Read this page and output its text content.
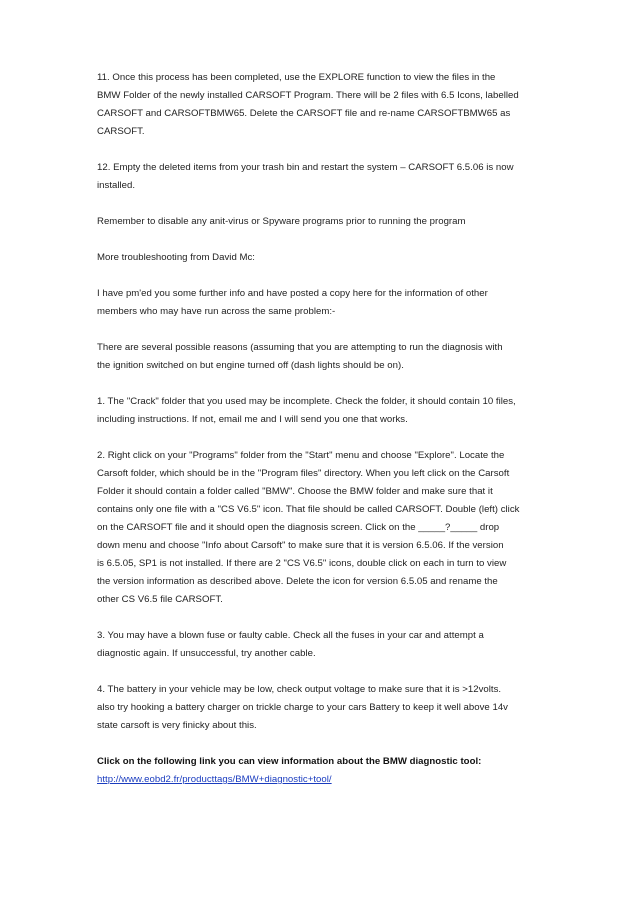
11. Once this process has been completed, use the EXPLORE function to view the files in the
BMW Folder of the newly installed CARSOFT Program. There will be 2 files with 6.5 Icons, labelled
CARSOFT and CARSOFTBMW65. Delete the CARSOFT file and re-name CARSOFTBMW65 as
CARSOFT.
12. Empty the deleted items from your trash bin and restart the system – CARSOFT 6.5.06 is now
installed.
Remember to disable any anit-virus or Spyware programs prior to running the program
More troubleshooting from David Mc:
I have pm'ed you some further info and have posted a copy here for the information of other
members who may have run across the same problem:-
There are several possible reasons (assuming that you are attempting to run the diagnosis with
the ignition switched on but engine turned off (dash lights should be on).
1. The "Crack" folder that you used may be incomplete. Check the folder, it should contain 10 files,
including instructions. If not, email me and I will send you one that works.
2. Right click on your "Programs" folder from the "Start" menu and choose "Explore". Locate the
Carsoft folder, which should be in the "Program files" directory. When you left click on the Carsoft
Folder it should contain a folder called "BMW". Choose the BMW folder and make sure that it
contains only one file with a "CS V6.5" icon. That file should be called CARSOFT. Double (left) click
on the CARSOFT file and it should open the diagnosis screen. Click on the _____?_____ drop
down menu and choose "Info about Carsoft" to make sure that it is version 6.5.06. If the version
is 6.5.05, SP1 is not installed. If there are 2 "CS V6.5" icons, double click on each in turn to view
the version information as described above. Delete the icon for version 6.5.05 and rename the
other CS V6.5 file CARSOFT.
3. You may have a blown fuse or faulty cable. Check all the fuses in your car and attempt a
diagnostic again. If unsuccessful, try another cable.
4. The battery in your vehicle may be low, check output voltage to make sure that it is >12volts.
also try hooking a battery charger on trickle charge to your cars Battery to keep it well above 14v
state carsoft is very finicky about this.
Click on the following link you can view information about the BMW diagnostic tool:
http://www.eobd2.fr/producttags/BMW+diagnostic+tool/
